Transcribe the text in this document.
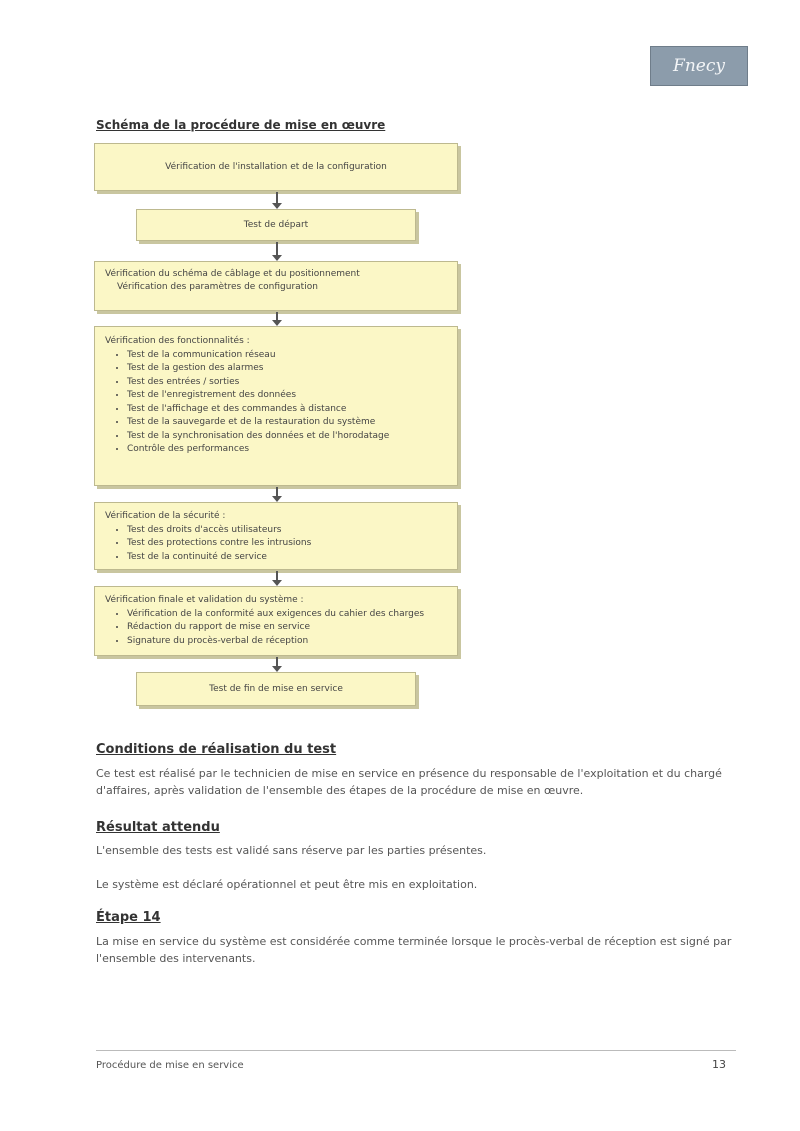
Fnecy
Schéma de la procédure de mise en œuvre
Vérification de l'installation et de la configuration
Test de départ
Vérification du schéma de câblage et du positionnement
Vérification des paramètres de configuration
Vérification des fonctionnalités :
• Test de la communication réseau
• Test de la gestion des alarmes
• Test des entrées / sorties
• Test de l'enregistrement des données
• Test de l'affichage et des commandes à distance
• Test de la sauvegarde et de la restauration du système
• Test de la synchronisation des données et de l'horodatage
• Contrôle des performances
Vérification de la sécurité :
• Test des droits d'accès utilisateurs
• Test des protections contre les intrusions
• Test de la continuité de service
Vérification finale et validation du système :
• Vérification de la conformité aux exigences du cahier des charges
• Rédaction du rapport de mise en service
• Signature du procès-verbal de réception
Test de fin de mise en service
Conditions de réalisation du test
Ce test est réalisé par le technicien de mise en service en présence du responsable de l'exploitation et du chargé d'affaires, après validation de l'ensemble des étapes de la procédure de mise en œuvre.
Résultat attendu
L'ensemble des tests est validé sans réserve par les parties présentes.
Le système est déclaré opérationnel et peut être mis en exploitation.
Étape 14
La mise en service du système est considérée comme terminée lorsque le procès-verbal de réception est signé par l'ensemble des intervenants.
Procédure de mise en service	13
